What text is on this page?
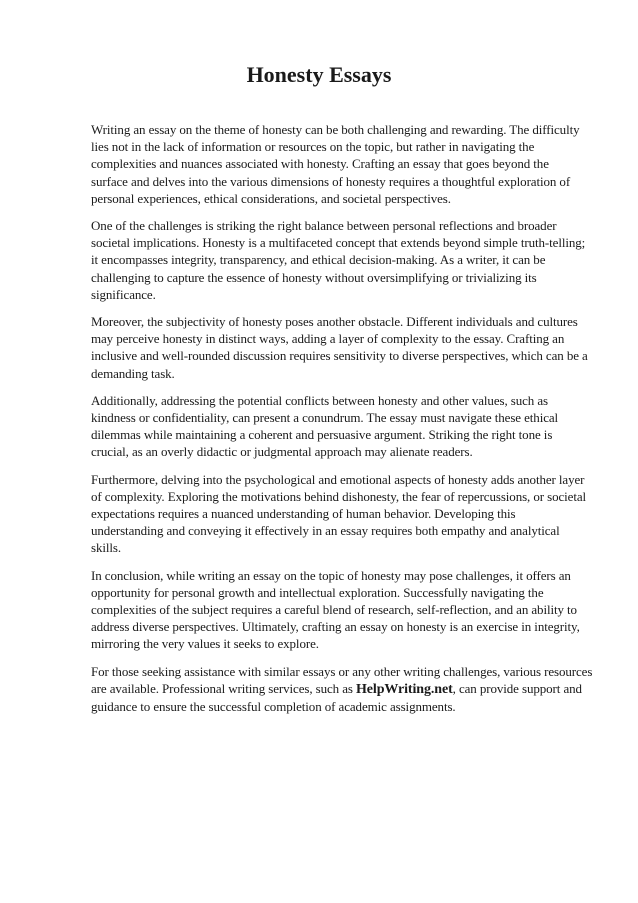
Honesty Essays

Writing an essay on the theme of honesty can be both challenging and rewarding. The difficulty
lies not in the lack of information or resources on the topic, but rather in navigating the
complexities and nuances associated with honesty. Crafting an essay that goes beyond the
surface and delves into the various dimensions of honesty requires a thoughtful exploration of
personal experiences, ethical considerations, and societal perspectives.

One of the challenges is striking the right balance between personal reflections and broader
societal implications. Honesty is a multifaceted concept that extends beyond simple truth-telling;
it encompasses integrity, transparency, and ethical decision-making. As a writer, it can be
challenging to capture the essence of honesty without oversimplifying or trivializing its
significance.

Moreover, the subjectivity of honesty poses another obstacle. Different individuals and cultures
may perceive honesty in distinct ways, adding a layer of complexity to the essay. Crafting an
inclusive and well-rounded discussion requires sensitivity to diverse perspectives, which can be a
demanding task.

Additionally, addressing the potential conflicts between honesty and other values, such as
kindness or confidentiality, can present a conundrum. The essay must navigate these ethical
dilemmas while maintaining a coherent and persuasive argument. Striking the right tone is
crucial, as an overly didactic or judgmental approach may alienate readers.

Furthermore, delving into the psychological and emotional aspects of honesty adds another layer
of complexity. Exploring the motivations behind dishonesty, the fear of repercussions, or societal
expectations requires a nuanced understanding of human behavior. Developing this
understanding and conveying it effectively in an essay requires both empathy and analytical
skills.

In conclusion, while writing an essay on the topic of honesty may pose challenges, it offers an
opportunity for personal growth and intellectual exploration. Successfully navigating the
complexities of the subject requires a careful blend of research, self-reflection, and an ability to
address diverse perspectives. Ultimately, crafting an essay on honesty is an exercise in integrity,
mirroring the very values it seeks to explore.

For those seeking assistance with similar essays or any other writing challenges, various resources
are available. Professional writing services, such as HelpWriting.net, can provide support and
guidance to ensure the successful completion of academic assignments.
